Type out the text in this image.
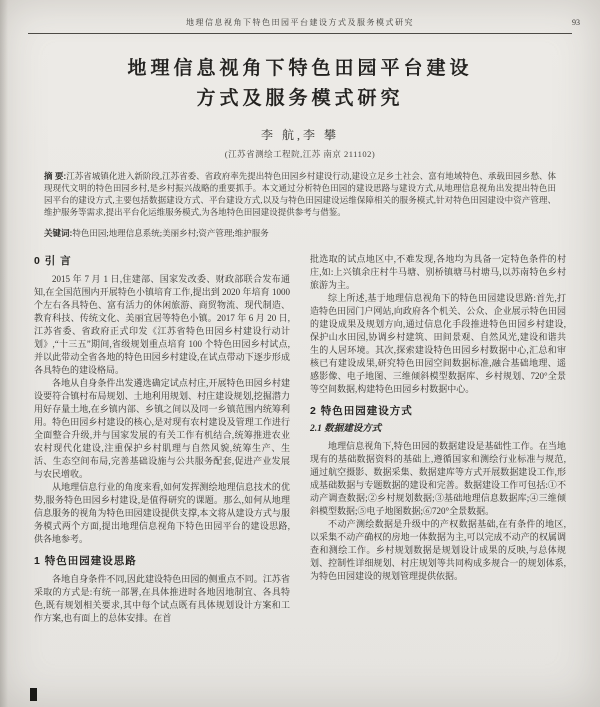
地理信息视角下特色田园平台建设方式及服务模式研究	93
地理信息视角下特色田园平台建设
方式及服务模式研究
李 航,李 攀
(江苏省测绘工程院,江苏 南京 211102)

摘 要:江苏省城镇化进入新阶段,江苏省委、省政府率先提出特色田园乡村建设行动,建设立足乡土社会、富有地域特色、承载田园乡愁、体现现代文明的特色田园乡村,是乡村振兴战略的重要抓手。本文通过分析特色田园的建设思路与建设方式,从地理信息视角出发提出特色田园平台的建设方式,主要包括数据建设方式、平台建设方式,以及与特色田园建设运维保障相关的服务模式,针对特色田园建设中资产管理、维护服务等需求,提出平台化运维服务模式,为各地特色田园建设提供参考与借鉴。

关键词:特色田园;地理信息系统;美丽乡村;资产管理;维护服务

0 引 言

2015 年 7 月 1 日,住建部、国家发改委、财政部联合发布通知,在全国范围内开展特色小镇培育工作,提出到 2020 年培育 1000 个左右各具特色、富有活力的休闲旅游、商贸物流、现代制造、教育科技、传统文化、美丽宜居等特色小镇。2017 年 6 月 20 日,江苏省委、省政府正式印发《江苏省特色田园乡村建设行动计划》,“十三五”期间,省级规划重点培育 100 个特色田园乡村试点,并以此带动全省各地的特色田园乡村建设,在试点带动下逐步形成各具特色的建设格局。

各地从自身条件出发遴选确定试点村庄,开展特色田园乡村建设要符合镇村布局规划、土地利用规划、村庄建设规划,挖掘潜力用好存量土地,在乡镇内部、乡镇之间以及同一乡镇范围内统筹利用。特色田园乡村建设的核心,是对现有农村建设及管理工作进行全面整合升级,并与国家发展的有关工作有机结合,统筹推进农业农村现代化建设,注重保护乡村肌理与自然风貌,统筹生产、生活、生态空间布局,完善基础设施与公共服务配套,促进产业发展与农民增收。

从地理信息行业的角度来看,如何发挥测绘地理信息技术的优势,服务特色田园乡村建设,是值得研究的课题。那么,如何从地理信息服务的视角为特色田园建设提供支撑,本文将从建设方式与服务模式两个方面,提出地理信息视角下特色田园平台的建设思路,供各地参考。

1 特色田园建设思路

各地自身条件不同,因此建设特色田园的侧重点不同。江苏省采取的方式是:有统一部署,在具体推进时各地因地制宜、各具特色,既有规划相关要求,其中每个试点既有具体规划设计方案和工作方案,也有面上的总体安排。在首

批选取的试点地区中,不难发现,各地均为具备一定特色条件的村庄,如:上兴镇余庄村牛马塘、别桥镇塘马村塘马,以苏南特色乡村旅游为主。

综上所述,基于地理信息视角下的特色田园建设思路:首先,打造特色田园门户网站,向政府各个机关、公众、企业展示特色田园的建设成果及规划方向,通过信息化手段推进特色田园乡村建设,保护山水田园,协调乡村建筑、田间景观、自然风光,建设和谐共生的人居环境。其次,探索建设特色田园乡村数据中心,汇总和审核已有建设成果,研究特色田园空间数据标准,融合基础地理、遥感影像、电子地图、三维倾斜模型数据库、乡村规划、720°全景等空间数据,构建特色田园乡村数据中心。

2 特色田园建设方式
2.1 数据建设方式

地理信息视角下,特色田园的数据建设是基础性工作。在当地现有的基础数据资料的基础上,遵循国家和测绘行业标准与规范,通过航空摄影、数据采集、数据建库等方式开展数据建设工作,形成基础数据与专题数据的建设和完善。数据建设工作可包括:①不动产调查数据;②乡村规划数据;③基础地理信息数据库;④三维倾斜模型数据;⑤电子地图数据;⑥720°全景数据。

不动产测绘数据是升级中的产权数据基础,在有条件的地区,以采集不动产确权的房地一体数据为主,可以完成不动产的权属调查和测绘工作。乡村规划数据是规划设计成果的反映,与总体规划、控制性详细规划、村庄规划等共同构成多规合一的规划体系,为特色田园建设的规划管理提供依据。
